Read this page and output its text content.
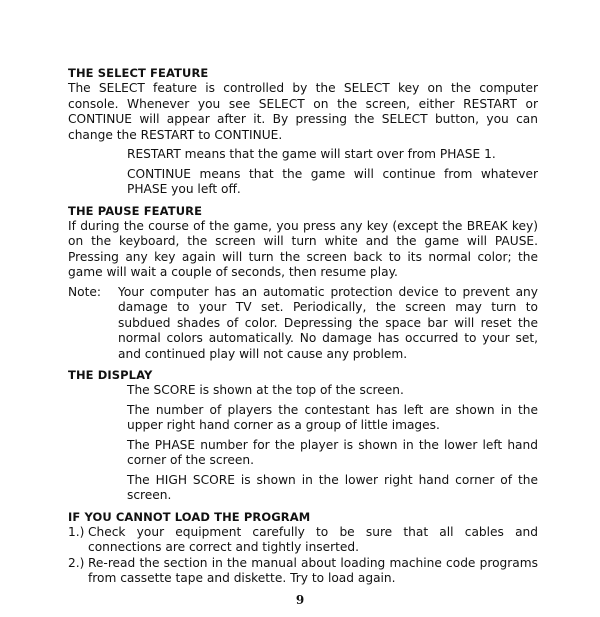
THE SELECT FEATURE

The SELECT feature is controlled by the SELECT key on the computer console. Whenever you see SELECT on the screen, either RESTART or CONTINUE will appear after it. By pressing the SELECT button, you can change the RESTART to CONTINUE.

RESTART means that the game will start over from PHASE 1.

CONTINUE means that the game will continue from whatever PHASE you left off.

THE PAUSE FEATURE

If during the course of the game, you press any key (except the BREAK key) on the keyboard, the screen will turn white and the game will PAUSE. Pressing any key again will turn the screen back to its normal color; the game will wait a couple of seconds, then resume play.

Note:	Your computer has an automatic protection device to prevent any damage to your TV set. Periodically, the screen may turn to subdued shades of color. Depressing the space bar will reset the normal colors automatically. No damage has occurred to your set, and continued play will not cause any problem.
THE DISPLAY

The SCORE is shown at the top of the screen.

The number of players the contestant has left are shown in the upper right hand corner as a group of little images.

The PHASE number for the player is shown in the lower left hand corner of the screen.

The HIGH SCORE is shown in the lower right hand corner of the screen.

IF YOU CANNOT LOAD THE PROGRAM
1.) Check your equipment carefully to be sure that all cables and connections are correct and tightly inserted.
2.) Re-read the section in the manual about loading machine code programs from cassette tape and diskette. Try to load again.
9
